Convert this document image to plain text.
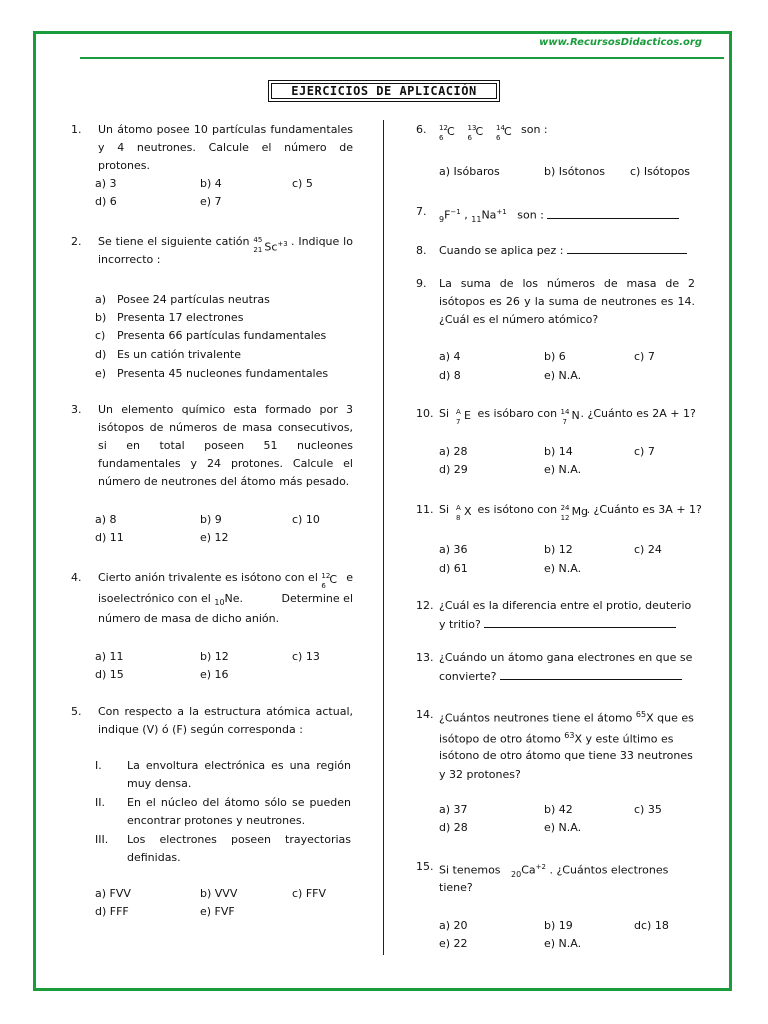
www.RecursosDidacticos.org
EJERCICIOS DE APLICACIÓN
1. Un átomo posee 10 partículas fundamentales y 4 neutrones. Calcule el número de protones.
a) 3	b) 4	c) 5
d) 6	e) 7
2. Se tiene el siguiente catión 45
21 $Sc^{+3}$ . Indique lo incorrecto :
a) Posee 24 partículas neutras
b) Presenta 17 electrones
c) Presenta 66 partículas fundamentales
d) Es un catión trivalente
e) Presenta 45 nucleones fundamentales
3. Un elemento químico esta formado por 3 isótopos de números de masa consecutivos, si en total poseen 51 nucleones fundamentales y 24 protones. Calcule el número de neutrones del átomo más pesado.
a) 8	b) 9	c) 10
d) 11	e) 12
4. Cierto anión trivalente es isótono con el 12
6 C e
isoelectrónico con el $_{10}$Ne.	Determine el
número de masa de dicho anión.
a) 11	b) 12	c) 13
d) 15	e) 16
5. Con respecto a la estructura atómica actual, indique (V) ó (F) según corresponda :
I. La envoltura electrónica es una región muy densa.
II. En el núcleo del átomo sólo se pueden encontrar protones y neutrones.
III. Los electrones poseen trayectorias definidas.
a) FVV	b) VVV	c) FFV
d) FFF	e) FVF
6. 12
6 C
13
6 C
14
6 C son :
a) Isóbaros	b) Isótonos c) Isótopos
7.
$_9F^{-1}$ , $_{11}Na^{+1}$ son :
8. Cuando se aplica pez :
9. La suma de los números de masa de 2 isótopos es 26 y la suma de neutrones es 14. ¿Cuál es el número atómico?
a) 4	b) 6	c) 7
d) 8	e) N.A.
10. Si A
7 E es isóbaro con 14
7 N . ¿Cuánto es 2A + 1?
a) 28	b) 14	c) 7
d) 29	e) N.A.
11. Si A
8 X es isótono con 24
12 Mg
. ¿Cuánto es 3A + 1?
a) 36	b) 12	c) 24
d) 61	e) N.A.
12. ¿Cuál es la diferencia entre el protio, deuterio
y tritio?
13. ¿Cuándo un átomo gana electrones en que se
convierte?
14. ¿Cuántos neutrones tiene el átomo $^{65}$X que es
isótopo de otro átomo $^{63}$X y este último es
isótono de otro átomo que tiene 33 neutrones
y 32 protones?
a) 37	b) 42	c) 35
d) 28	e) N.A.
15. Si tenemos $_{20}Ca^{+2}$ . ¿Cuántos electrones
tiene?
a) 20	b) 19	dc) 18
e) 22	e) N.A.
